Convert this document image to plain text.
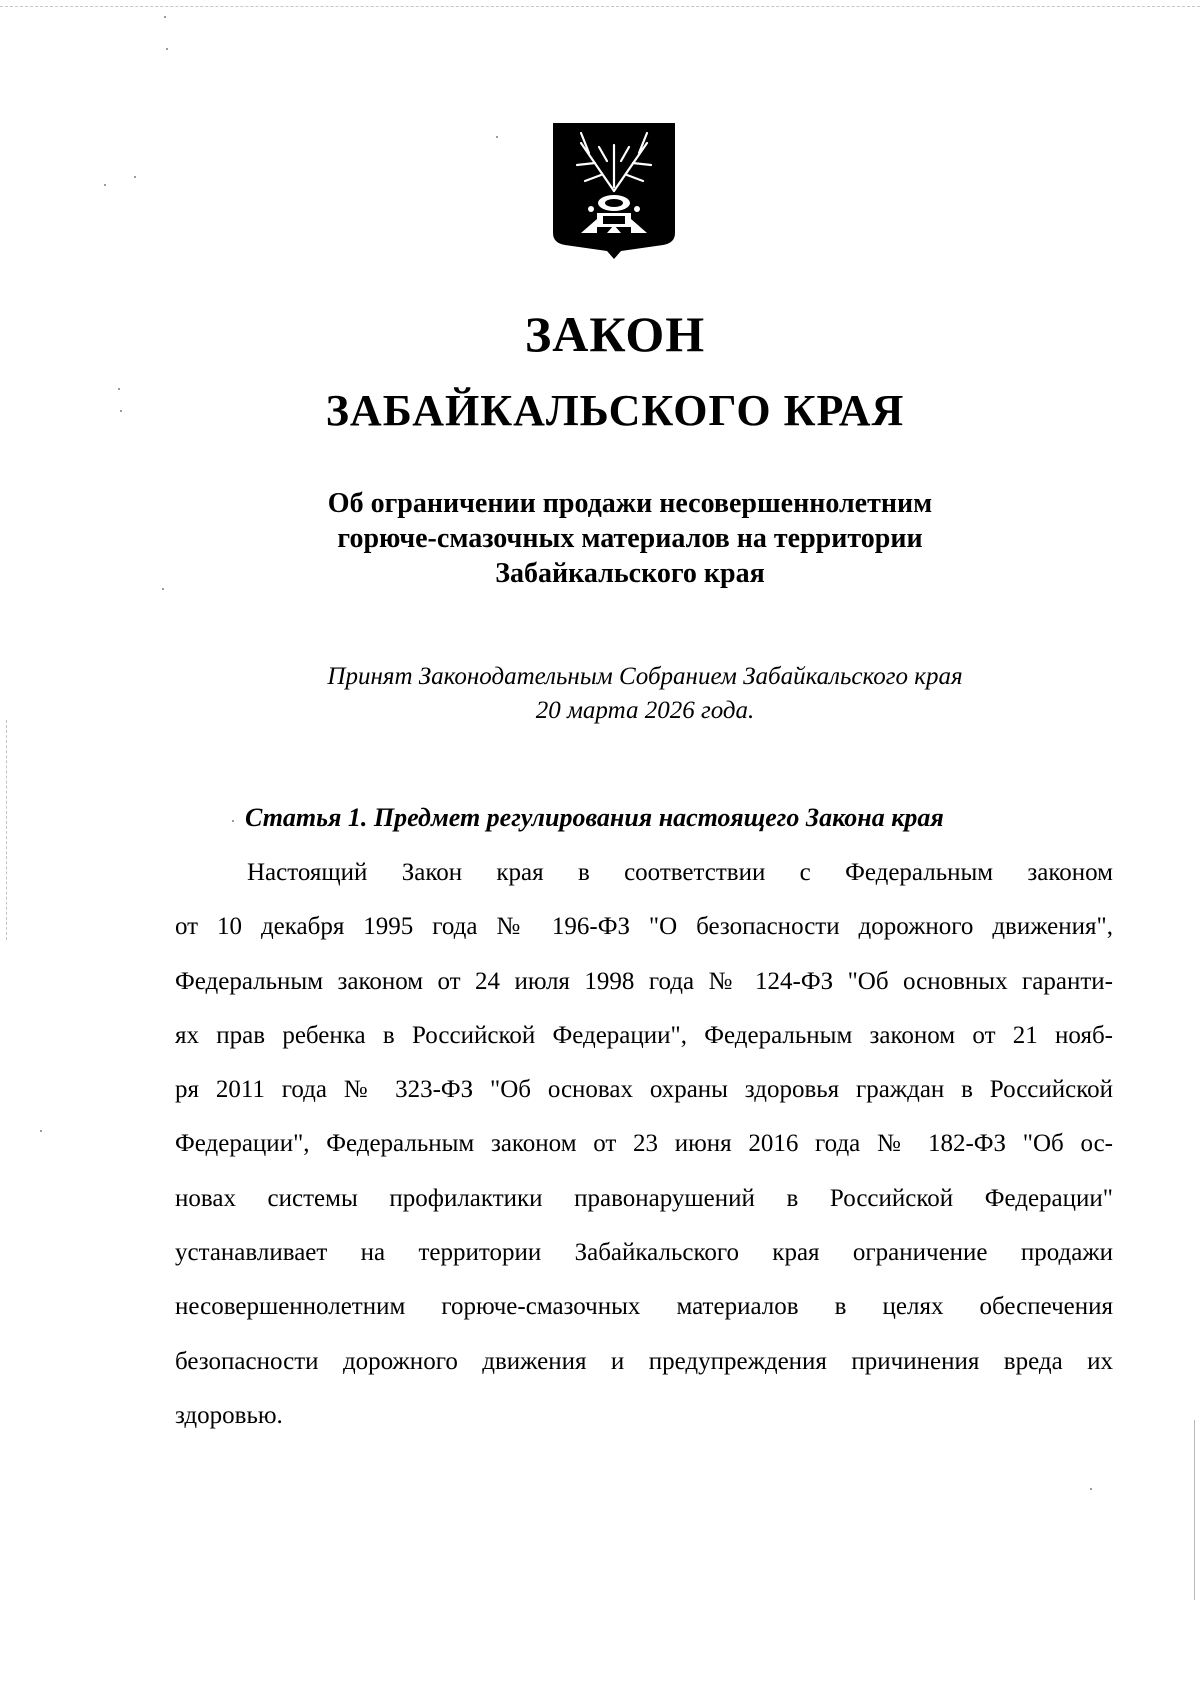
ЗАКОН
ЗАБАЙКАЛЬСКОГО КРАЯ
Об ограничении продажи несовершеннолетним
горюче-смазочных материалов на территории
Забайкальского края
Принят Законодательным Собранием Забайкальского края
20 марта 2026 года.
Статья 1. Предмет регулирования настоящего Закона края
Настоящий Закон края в соответствии с Федеральным законом
от 10 декабря 1995 года № 196-ФЗ "О безопасности дорожного движения",
Федеральным законом от 24 июля 1998 года № 124-ФЗ "Об основных гаранти-
ях прав ребенка в Российской Федерации", Федеральным законом от 21 нояб-
ря 2011 года № 323-ФЗ "Об основах охраны здоровья граждан в Российской
Федерации", Федеральным законом от 23 июня 2016 года № 182-ФЗ "Об ос-
новах системы профилактики правонарушений в Российской Федерации"
устанавливает на территории Забайкальского края ограничение продажи
несовершеннолетним горюче-смазочных материалов в целях обеспечения
безопасности дорожного движения и предупреждения причинения вреда их
здоровью.
